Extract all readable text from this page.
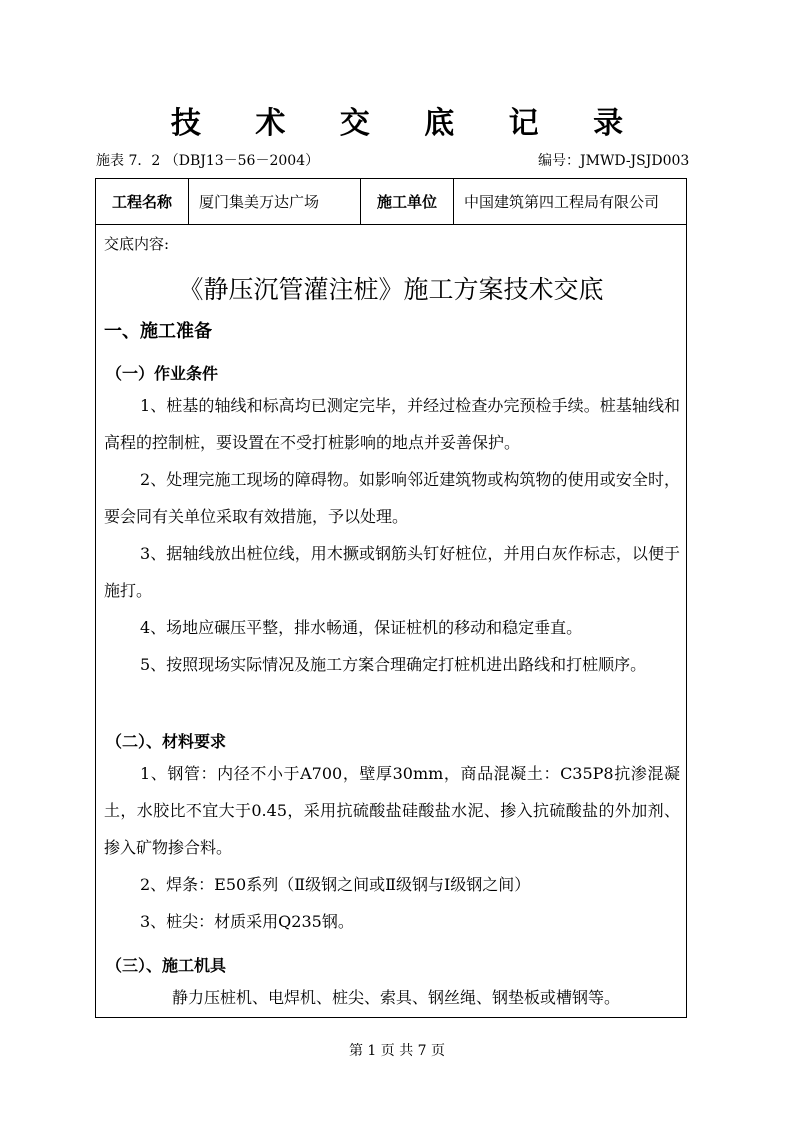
技 术 交 底 记 录
施表 7．2 （DBJ13－56－2004）	编号：JMWD-JSJD003
工程名称	厦门集美万达广场	施工单位	中国建筑第四工程局有限公司
交底内容:
《静压沉管灌注桩》施工方案技术交底
一、施工准备
（一）作业条件

1、桩基的轴线和标高均已测定完毕，并经过检查办完预检手续。桩基轴线和高程的控制桩，要设置在不受打桩影响的地点并妥善保护。

2、处理完施工现场的障碍物。如影响邻近建筑物或构筑物的使用或安全时，要会同有关单位采取有效措施，予以处理。

3、据轴线放出桩位线，用木撅或钢筋头钉好桩位，并用白灰作标志，以便于施打。

4、场地应碾压平整，排水畅通，保证桩机的移动和稳定垂直。

5、按照现场实际情况及施工方案合理确定打桩机进出路线和打桩顺序。

（二）、材料要求

1、钢管：内径不小于A700，壁厚30mm，商品混凝土：C35P8抗渗混凝土，水胶比不宜大于0.45，采用抗硫酸盐硅酸盐水泥、掺入抗硫酸盐的外加剂、掺入矿物掺合料。

2、焊条：E50系列（Ⅱ级钢之间或Ⅱ级钢与Ⅰ级钢之间）

3、桩尖：材质采用Q235钢。

（三）、施工机具

静力压桩机、电焊机、桩尖、索具、钢丝绳、钢垫板或槽钢等。

第 1 页 共 7 页
